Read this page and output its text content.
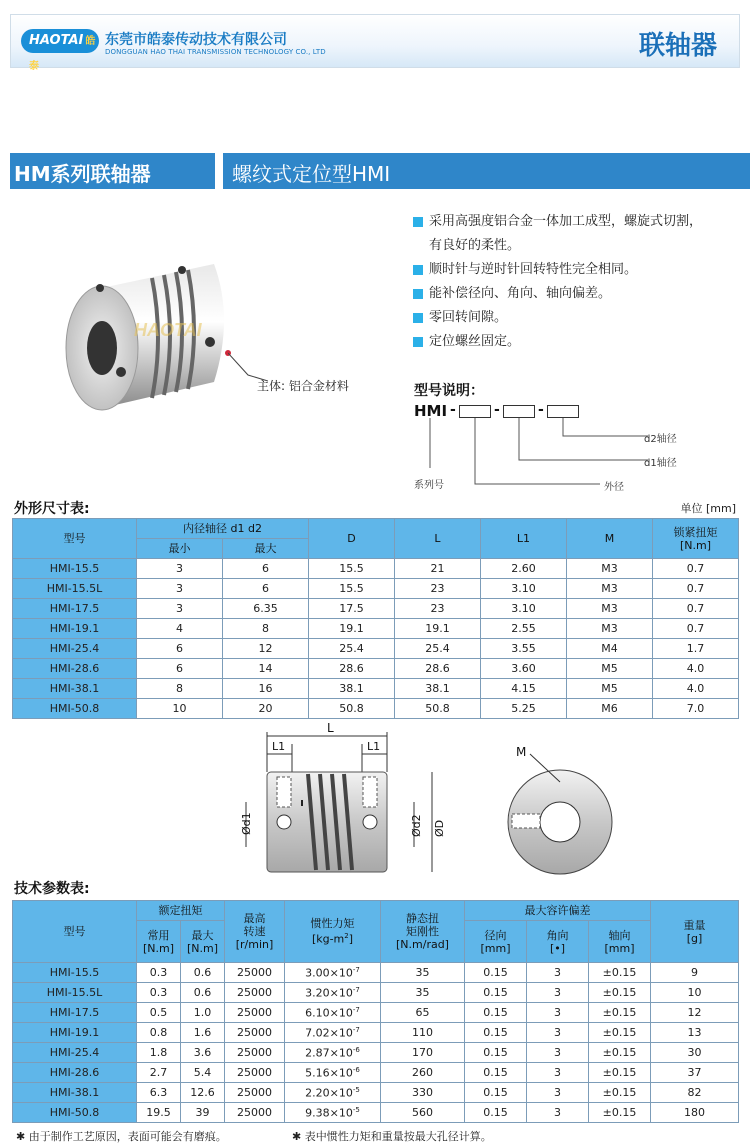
HAOTAI 皓泰
东莞市皓泰传动技术有限公司
DONGGUAN HAO THAI TRANSMISSION TECHNOLOGY CO., LTD	联轴器
HM系列联轴器	螺纹式定位型HMI
HAOTAI
主体: 铝合金材料
采用高强度铝合金一体加工成型，螺旋式切割，有良好的柔性。
顺时针与逆时针回转特性完全相同。
能补偿径向、角向、轴向偏差。
零回转间隙。
定位螺丝固定。
型号说明：
HMI -	-	-
d2轴径
d1轴径
系列号	外径
外形尺寸表:	单位 [mm]
型号	内径轴径 d1 d2		D	L	L1	M	锁紧扭矩
[N.m]
	最小	最大					
HMI-15.5	3	6	15.5	21	2.60	M3	0.7
HMI-15.5L	3	6	15.5	23	3.10	M3	0.7
HMI-17.5	3	6.35	17.5	23	3.10	M3	0.7
HMI-19.1	4	8	19.1	19.1	2.55	M3	0.7
HMI-25.4	6	12	25.4	25.4	3.55	M4	1.7
HMI-28.6	6	14	28.6	28.6	3.60	M5	4.0
HMI-38.1	8	16	38.1	38.1	4.15	M5	4.0
HMI-50.8	10	20	50.8	50.8	5.25	M6	7.0
L
L1	L1
Ød1	Ød2 ØD
M
技术参数表:
型号	额定扭矩		最高
转速
[r/min]	惯性力矩
$[kg-m^2]$	静态扭
矩刚性
[N.m/rad]	最大容许偏差			重量
[g]
	常用
[N.m]	最大
[N.m]				径向
[mm]	角向
[•]	轴向
[mm]	
HMI-15.5	0.3	0.6	25000	$3.00\times 10^{-7}$	35	0.15	3	±0.15	9
HMI-15.5L	0.3	0.6	25000	$3.20\times 10^{-7}$	35	0.15	3	±0.15	10
HMI-17.5	0.5	1.0	25000	$6.10\times 10^{-7}$	65	0.15	3	±0.15	12
HMI-19.1	0.8	1.6	25000	$7.02\times 10^{-7}$	110	0.15	3	±0.15	13
HMI-25.4	1.8	3.6	25000	$2.87\times 10^{-6}$	170	0.15	3	±0.15	30
HMI-28.6	2.7	5.4	25000	$5.16\times 10^{-6}$	260	0.15	3	±0.15	37
HMI-38.1	6.3	12.6	25000	$2.20\times 10^{-5}$	330	0.15	3	±0.15	82
HMI-50.8	19.5	39	25000	$9.38\times 10^{-5}$	560	0.15	3	±0.15	180
✱ 由于制作工艺原因，表面可能会有磨痕。	✱ 表中惯性力矩和重量按最大孔径计算。
